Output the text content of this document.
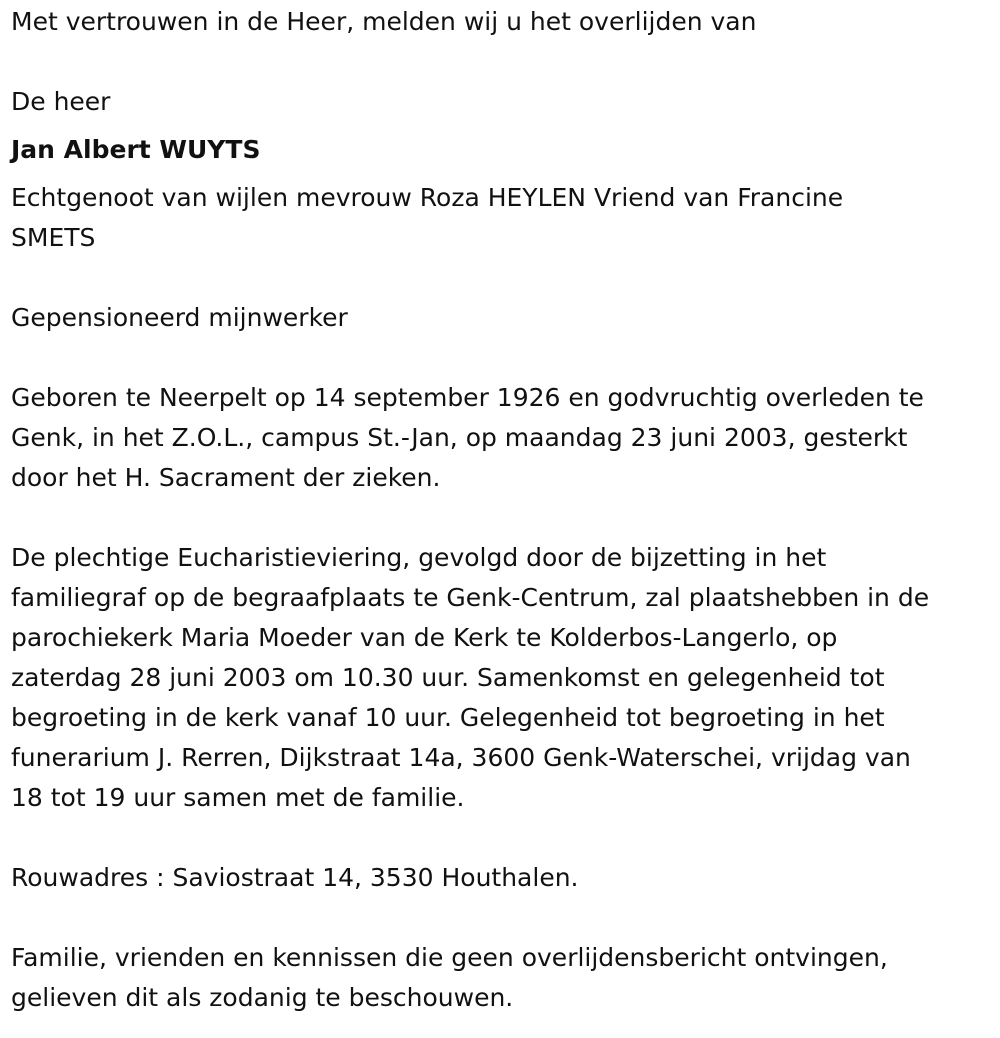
Met vertrouwen in de Heer, melden wij u het overlijden van

De heer

Jan Albert WUYTS

Echtgenoot van wijlen mevrouw Roza HEYLEN Vriend van Francine

SMETS

Gepensioneerd mijnwerker

Geboren te Neerpelt op 14 september 1926 en godvruchtig overleden te

Genk, in het Z.O.L., campus St.-Jan, op maandag 23 juni 2003, gesterkt

door het H. Sacrament der zieken.

De plechtige Eucharistieviering, gevolgd door de bijzetting in het

familiegraf op de begraafplaats te Genk-Centrum, zal plaatshebben in de

parochiekerk Maria Moeder van de Kerk te Kolderbos-Langerlo, op

zaterdag 28 juni 2003 om 10.30 uur. Samenkomst en gelegenheid tot

begroeting in de kerk vanaf 10 uur. Gelegenheid tot begroeting in het

funerarium J. Rerren, Dijkstraat 14a, 3600 Genk-Waterschei, vrijdag van

18 tot 19 uur samen met de familie.

Rouwadres : Saviostraat 14, 3530 Houthalen.

Familie, vrienden en kennissen die geen overlijdensbericht ontvingen,

gelieven dit als zodanig te beschouwen.
